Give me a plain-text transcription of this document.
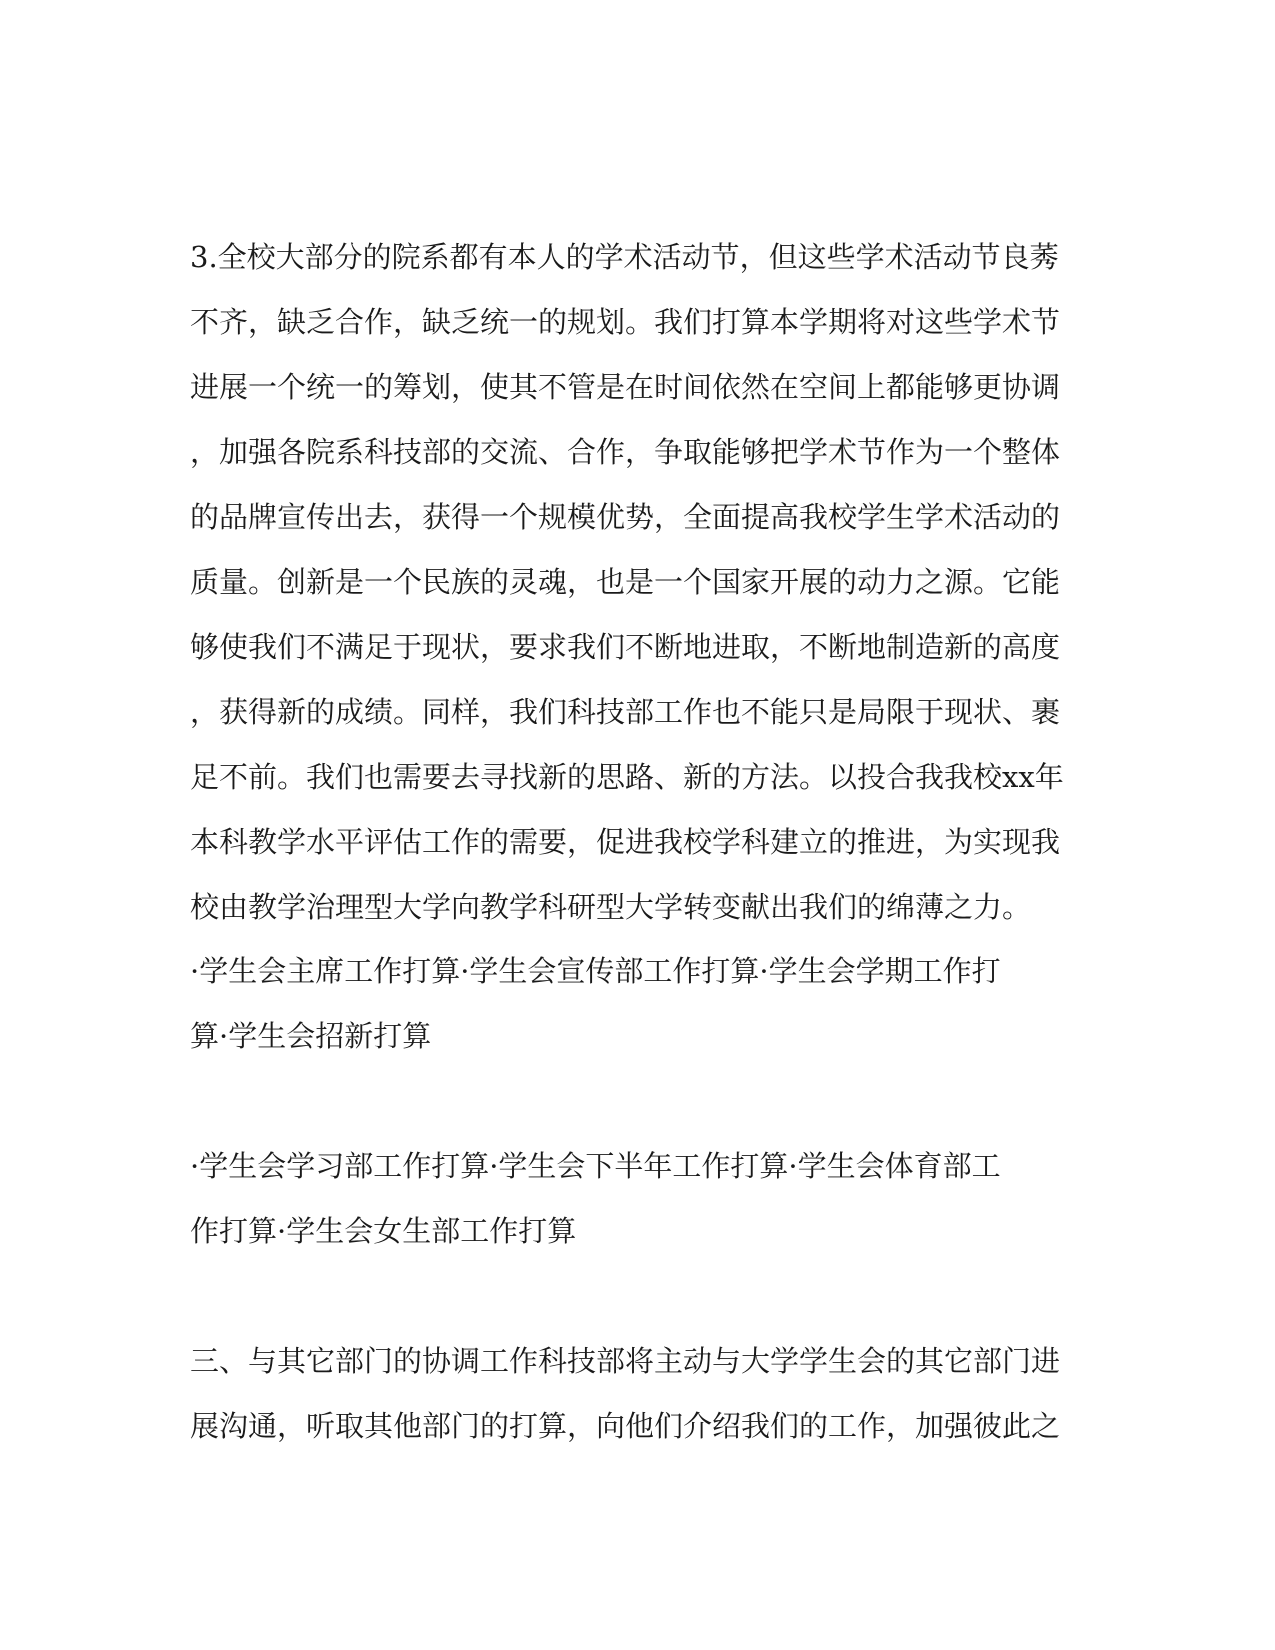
3.全校大部分的院系都有本人的学术活动节，但这些学术活动节良莠
不齐，缺乏合作，缺乏统一的规划。我们打算本学期将对这些学术节
进展一个统一的筹划，使其不管是在时间依然在空间上都能够更协调
，加强各院系科技部的交流、合作，争取能够把学术节作为一个整体
的品牌宣传出去，获得一个规模优势，全面提高我校学生学术活动的
质量。创新是一个民族的灵魂，也是一个国家开展的动力之源。它能
够使我们不满足于现状，要求我们不断地进取，不断地制造新的高度
，获得新的成绩。同样，我们科技部工作也不能只是局限于现状、裹
足不前。我们也需要去寻找新的思路、新的方法。以投合我我校xx年
本科教学水平评估工作的需要，促进我校学科建立的推进，为实现我
校由教学治理型大学向教学科研型大学转变献出我们的绵薄之力。
·学生会主席工作打算·学生会宣传部工作打算·学生会学期工作打
算·学生会招新打算
·学生会学习部工作打算·学生会下半年工作打算·学生会体育部工
作打算·学生会女生部工作打算
三、与其它部门的协调工作科技部将主动与大学学生会的其它部门进
展沟通，听取其他部门的打算，向他们介绍我们的工作，加强彼此之
